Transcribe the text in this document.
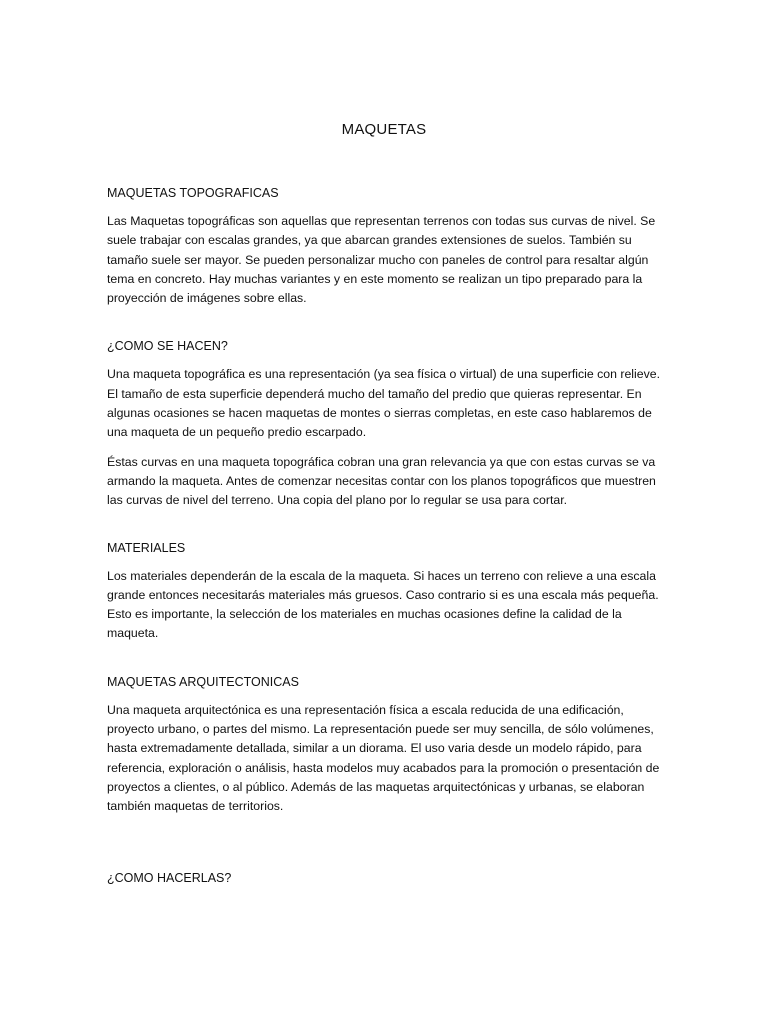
MAQUETAS
MAQUETAS TOPOGRAFICAS

Las Maquetas topográficas son aquellas que representan terrenos con todas sus curvas de nivel. Se suele trabajar con escalas grandes, ya que abarcan grandes extensiones de suelos. También su tamaño suele ser mayor. Se pueden personalizar mucho con paneles de control para resaltar algún tema en concreto. Hay muchas variantes y en este momento se realizan un tipo preparado para la proyección de imágenes sobre ellas.

¿COMO SE HACEN?

Una maqueta topográfica es una representación (ya sea física o virtual) de una superficie con relieve. El tamaño de esta superficie dependerá mucho del tamaño del predio que quieras representar. En algunas ocasiones se hacen maquetas de montes o sierras completas, en este caso hablaremos de una maqueta de un pequeño predio escarpado.

Éstas curvas en una maqueta topográfica cobran una gran relevancia ya que con estas curvas se va armando la maqueta. Antes de comenzar necesitas contar con los planos topográficos que muestren las curvas de nivel del terreno. Una copia del plano por lo regular se usa para cortar.

MATERIALES

Los materiales dependerán de la escala de la maqueta. Si haces un terreno con relieve a una escala grande entonces necesitarás materiales más gruesos. Caso contrario si es una escala más pequeña. Esto es importante, la selección de los materiales en muchas ocasiones define la calidad de la maqueta.

MAQUETAS ARQUITECTONICAS

Una maqueta arquitectónica es una representación física a escala reducida de una edificación, proyecto urbano, o partes del mismo. La representación puede ser muy sencilla, de sólo volúmenes, hasta extremadamente detallada, similar a un diorama. El uso varia desde un modelo rápido, para referencia, exploración o análisis, hasta modelos muy acabados para la promoción o presentación de proyectos a clientes, o al público. Además de las maquetas arquitectónicas y urbanas, se elaboran también maquetas de territorios.

¿COMO HACERLAS?
